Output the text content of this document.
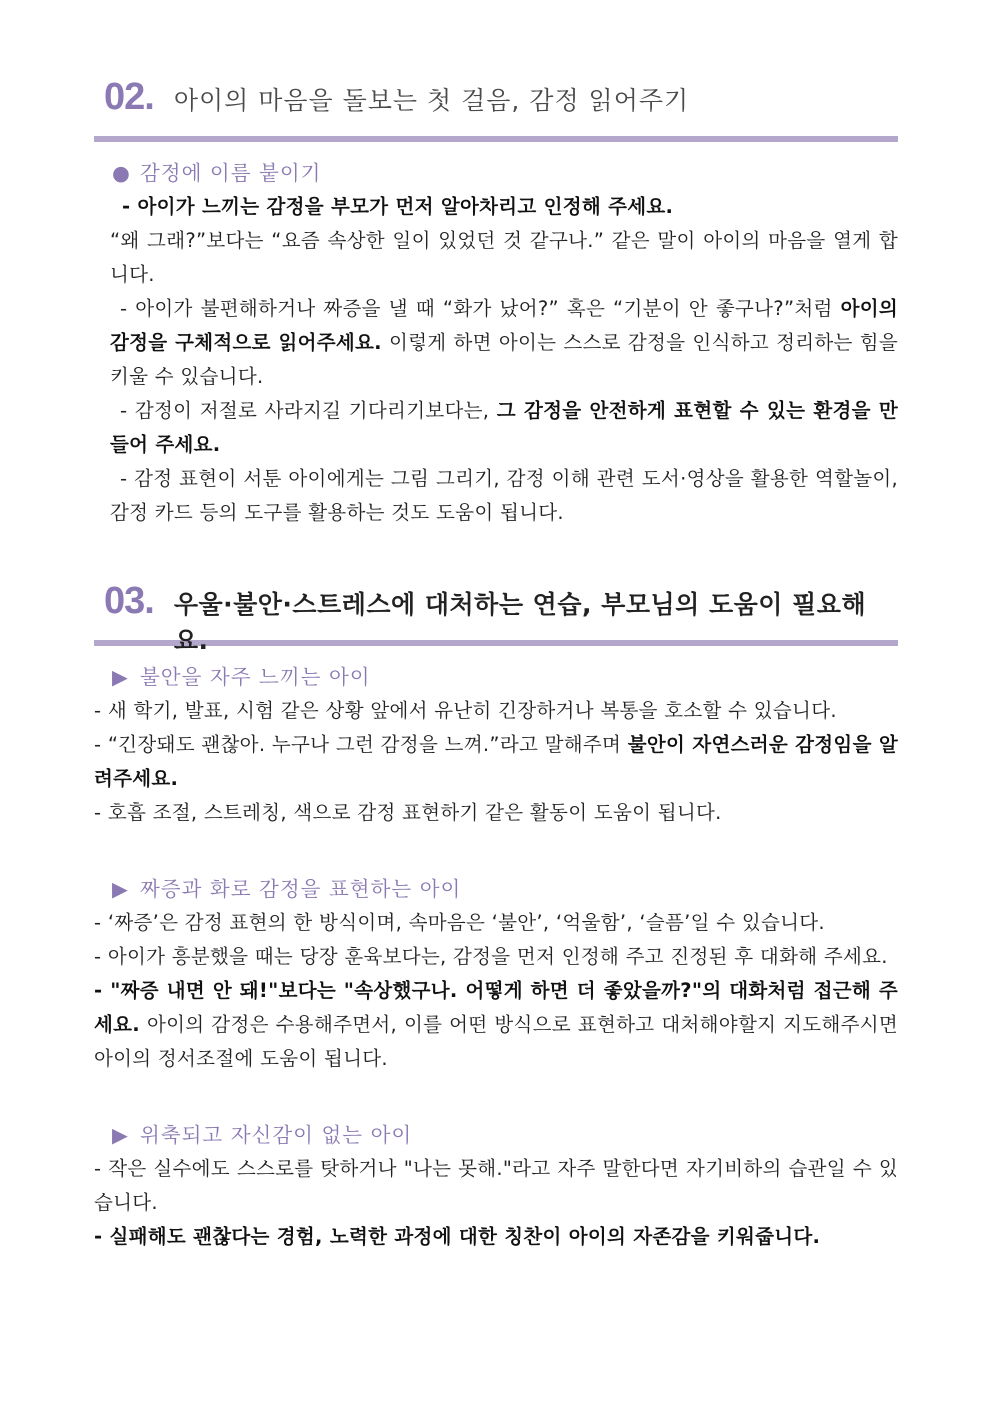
02. 아이의 마음을 돌보는 첫 걸음, 감정 읽어주기
● 감정에 이름 붙이기

- 아이가 느끼는 감정을 부모가 먼저 알아차리고 인정해 주세요.

“왜 그래?”보다는 “요즘 속상한 일이 있었던 것 같구나.” 같은 말이 아이의 마음을 열게 합니다.

- 아이가 불편해하거나 짜증을 낼 때 “화가 났어?” 혹은 “기분이 안 좋구나?”처럼 아이의 감정을 구체적으로 읽어주세요. 이렇게 하면 아이는 스스로 감정을 인식하고 정리하는 힘을 키울 수 있습니다.

- 감정이 저절로 사라지길 기다리기보다는, 그 감정을 안전하게 표현할 수 있는 환경을 만들어 주세요.

- 감정 표현이 서툰 아이에게는 그림 그리기, 감정 이해 관련 도서·영상을 활용한 역할놀이, 감정 카드 등의 도구를 활용하는 것도 도움이 됩니다.

03. 우울·불안·스트레스에 대처하는 연습, 부모님의 도움이 필요해요.
▶ 불안을 자주 느끼는 아이

- 새 학기, 발표, 시험 같은 상황 앞에서 유난히 긴장하거나 복통을 호소할 수 있습니다.

- “긴장돼도 괜찮아. 누구나 그런 감정을 느껴.”라고 말해주며 불안이 자연스러운 감정임을 알려주세요.

- 호흡 조절, 스트레칭, 색으로 감정 표현하기 같은 활동이 도움이 됩니다.

▶ 짜증과 화로 감정을 표현하는 아이

- ‘짜증’은 감정 표현의 한 방식이며, 속마음은 ‘불안’, ‘억울함’, ‘슬픔’일 수 있습니다.

- 아이가 흥분했을 때는 당장 훈육보다는, 감정을 먼저 인정해 주고 진정된 후 대화해 주세요.

- "짜증 내면 안 돼!"보다는 "속상했구나. 어떻게 하면 더 좋았을까?"의 대화처럼 접근해 주세요. 아이의 감정은 수용해주면서, 이를 어떤 방식으로 표현하고 대처해야할지 지도해주시면 아이의 정서조절에 도움이 됩니다.

▶ 위축되고 자신감이 없는 아이

- 작은 실수에도 스스로를 탓하거나 "나는 못해."라고 자주 말한다면 자기비하의 습관일 수 있습니다.

- 실패해도 괜찮다는 경험, 노력한 과정에 대한 칭찬이 아이의 자존감을 키워줍니다.
